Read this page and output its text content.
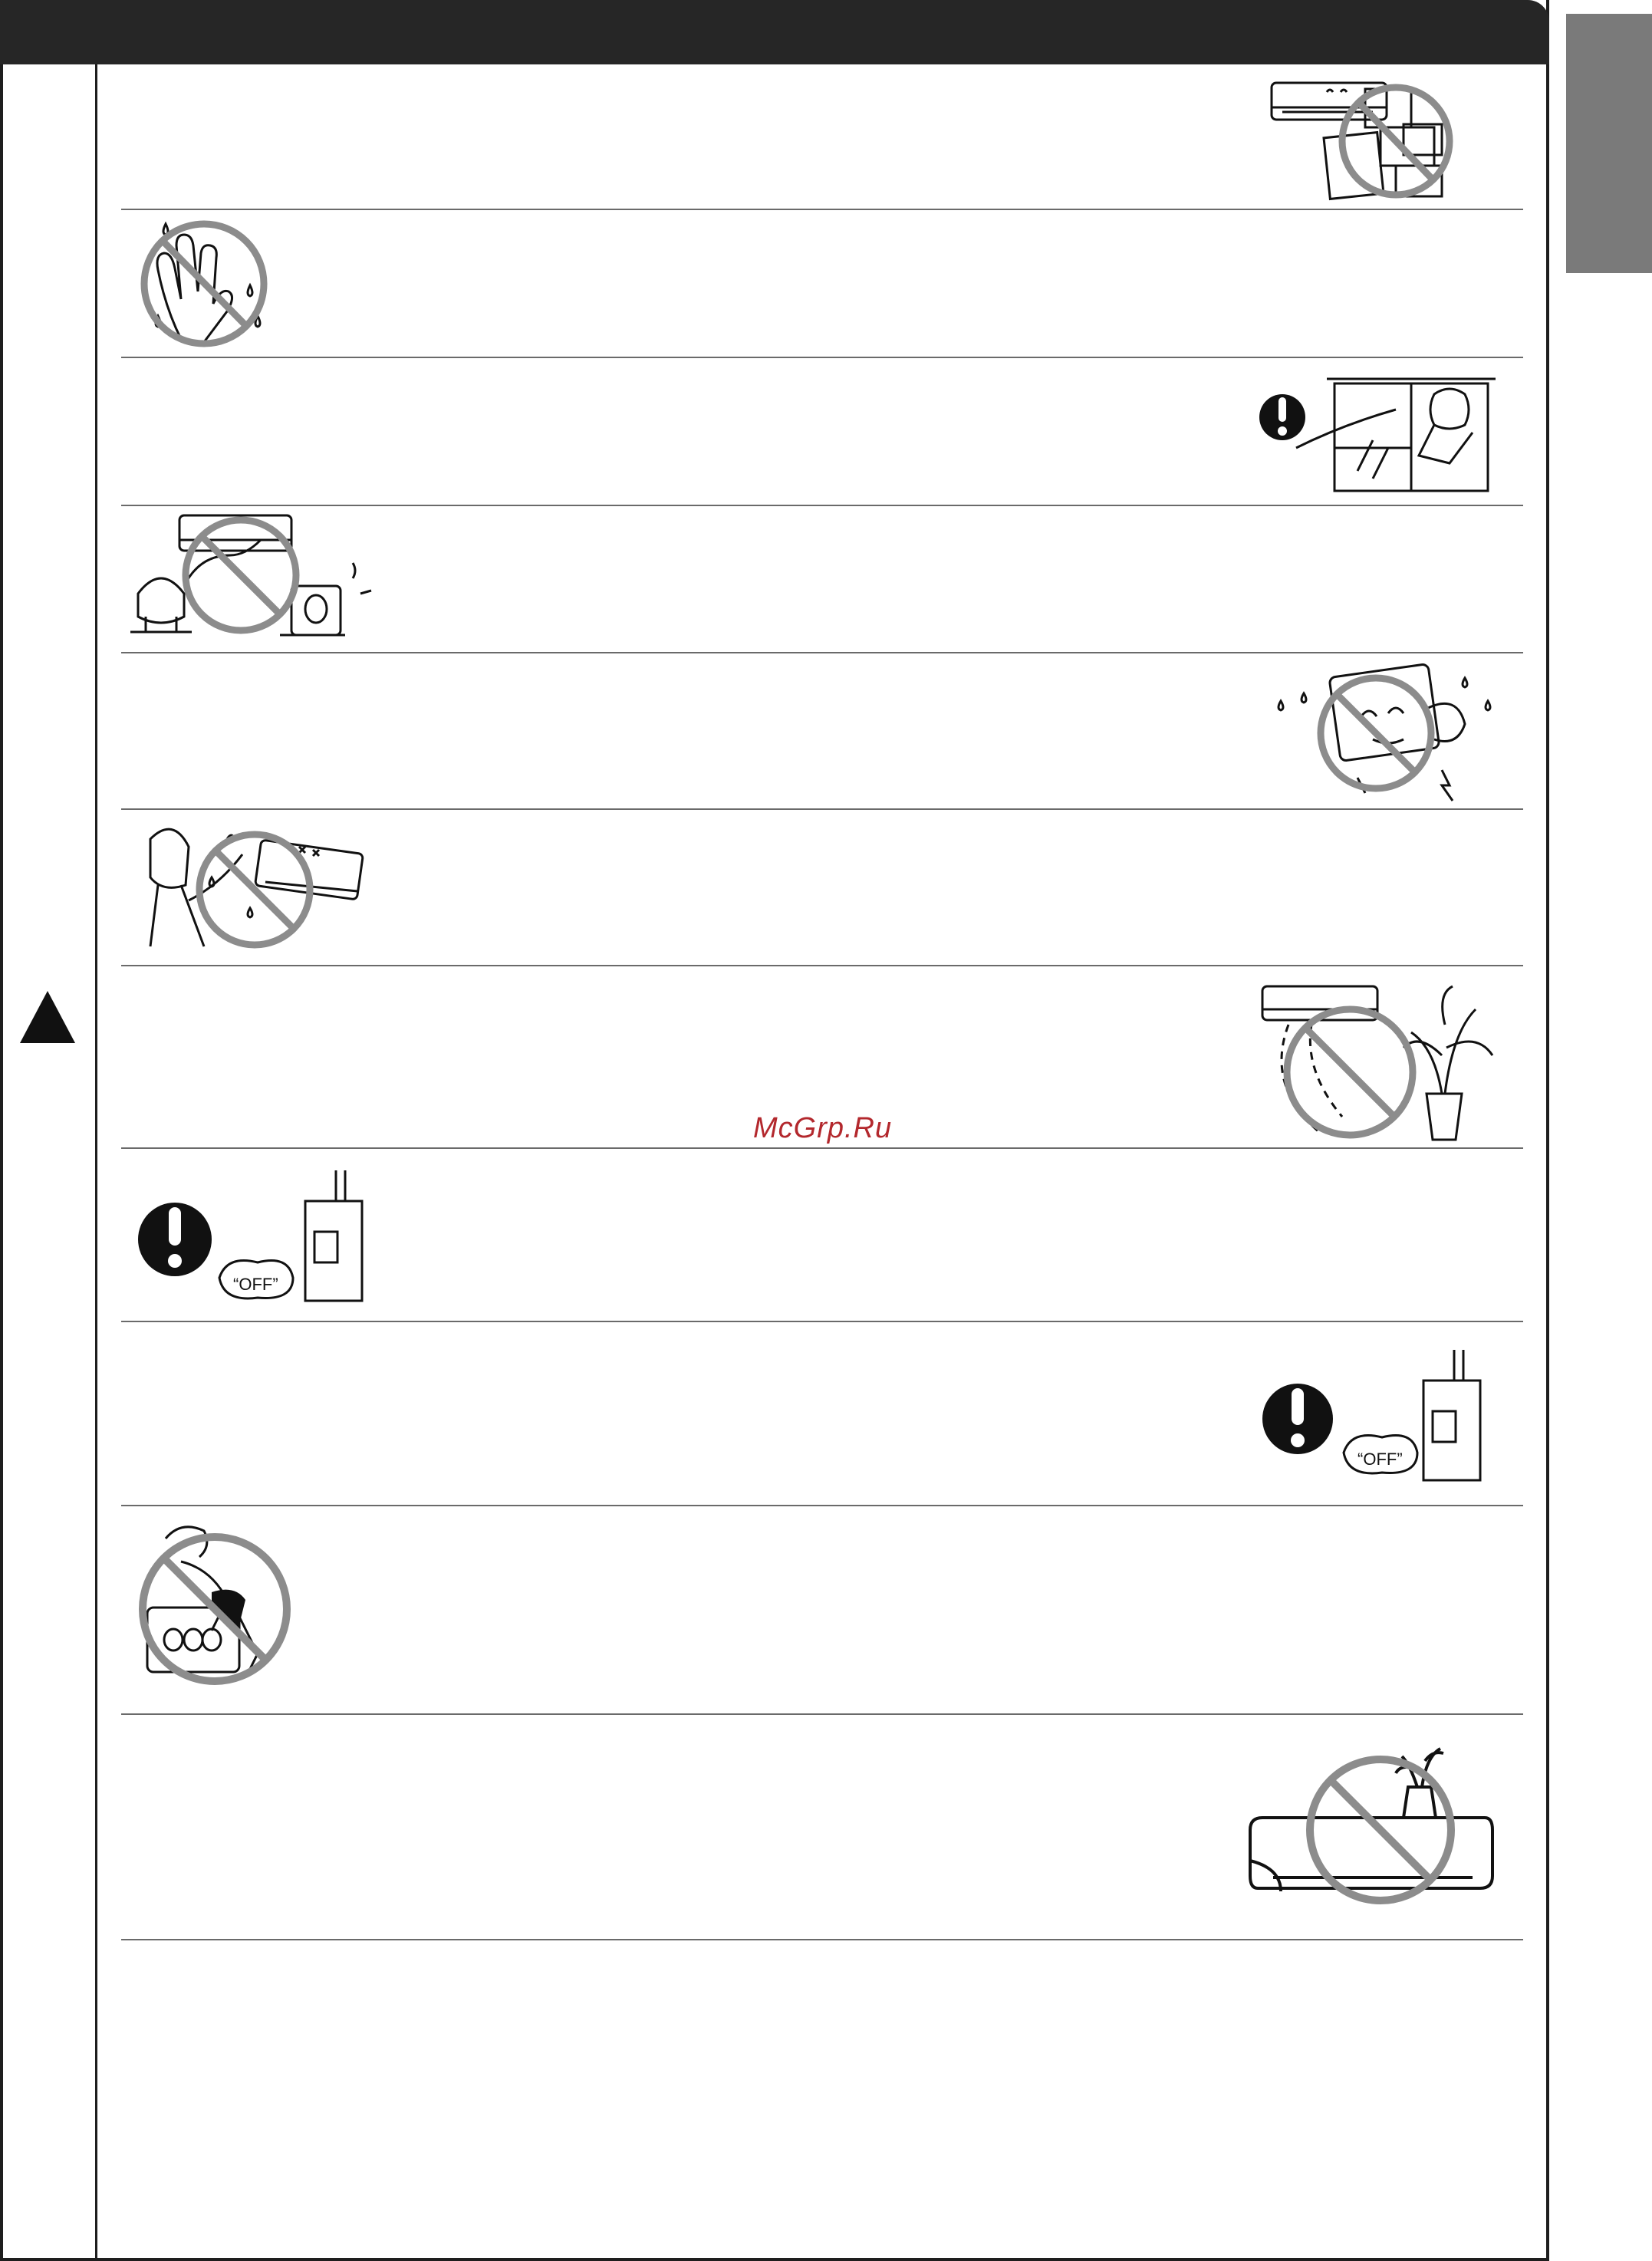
McGrp.Ru
“OFF”
“OFF”
